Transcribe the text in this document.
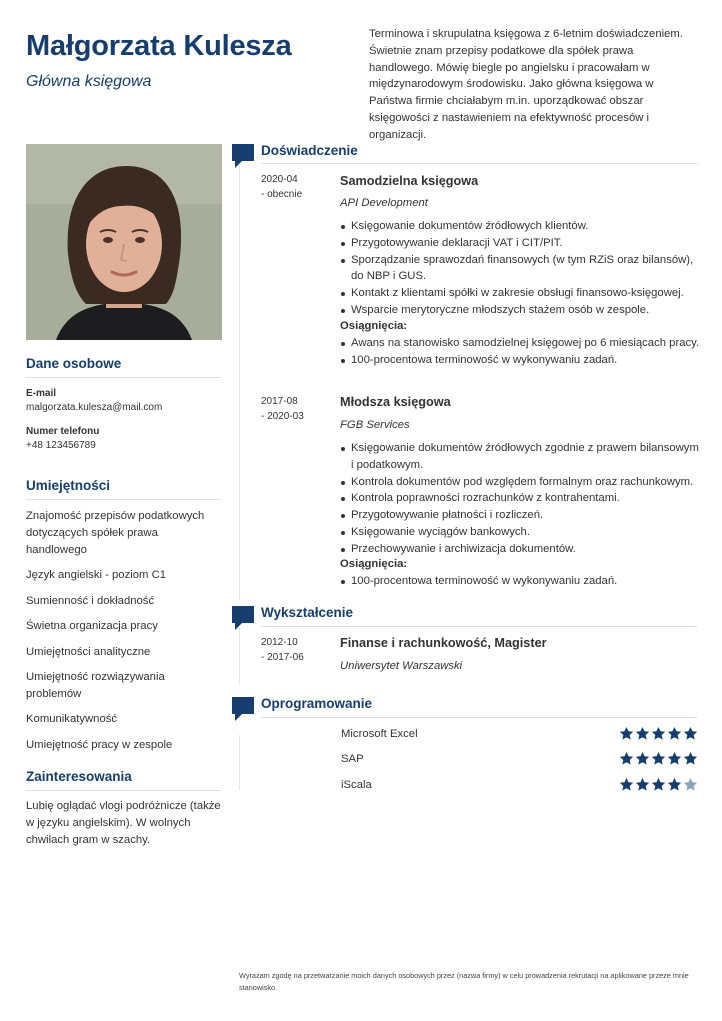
Małgorzata Kulesza
Główna księgowa

Terminowa i skrupulatna księgowa z 6-letnim doświadczeniem. Świetnie znam przepisy podatkowe dla spółek prawa handlowego. Mówię biegle po angielsku i pracowałam w międzynarodowym środowisku. Jako główna księgowa w Państwa firmie chciałabym m.in. uporządkować obszar księgowości z nastawieniem na efektywność procesów i organizacji.

Dane osobowe
E-mail
malgorzata.kulesza@mail.com
Numer telefonu
+48 123456789
Umiejętności
Znajomość przepisów podatkowych dotyczących spółek prawa handlowego
Język angielski - poziom C1
Sumienność i dokładność
Świetna organizacja pracy
Umiejętności analityczne
Umiejętność rozwiązywania problemów
Komunikatywność
Umiejętność pracy w zespole
Zainteresowania

Lubię oglądać vlogi podróżnicze (także w języku angielskim). W wolnych chwilach gram w szachy.

Doświadczenie
2020-04
- obecnie
Samodzielna księgowa
API Development
Księgowanie dokumentów źródłowych klientów.
Przygotowywanie deklaracji VAT i CIT/PIT.
Sporządzanie sprawozdań finansowych (w tym RZiS oraz bilansów), do NBP i GUS.
Kontakt z klientami spółki w zakresie obsługi finansowo-księgowej.
Wsparcie merytoryczne młodszych stażem osób w zespole.
Osiągnięcia:
Awans na stanowisko samodzielnej księgowej po 6 miesiącach pracy.
100-procentowa terminowość w wykonywaniu zadań.
2017-08
- 2020-03
Młodsza księgowa
FGB Services
Księgowanie dokumentów źródłowych zgodnie z prawem bilansowym i podatkowym.
Kontrola dokumentów pod względem formalnym oraz rachunkowym.
Kontrola poprawności rozrachunków z kontrahentami.
Przygotowywanie płatności i rozliczeń.
Księgowanie wyciągów bankowych.
Przechowywanie i archiwizacja dokumentów.
Osiągnięcia:
100-procentowa terminowość w wykonywaniu zadań.
Wykształcenie
2012-10
- 2017-06
Finanse i rachunkowość, Magister
Uniwersytet Warszawski
Oprogramowanie
Microsoft Excel
SAP
iScala

Wyrażam zgodę na przetwarzanie moich danych osobowych przez (nazwa firmy) w celu prowadzenia rekrutacji na aplikowane przeze mnie stanowisko.
